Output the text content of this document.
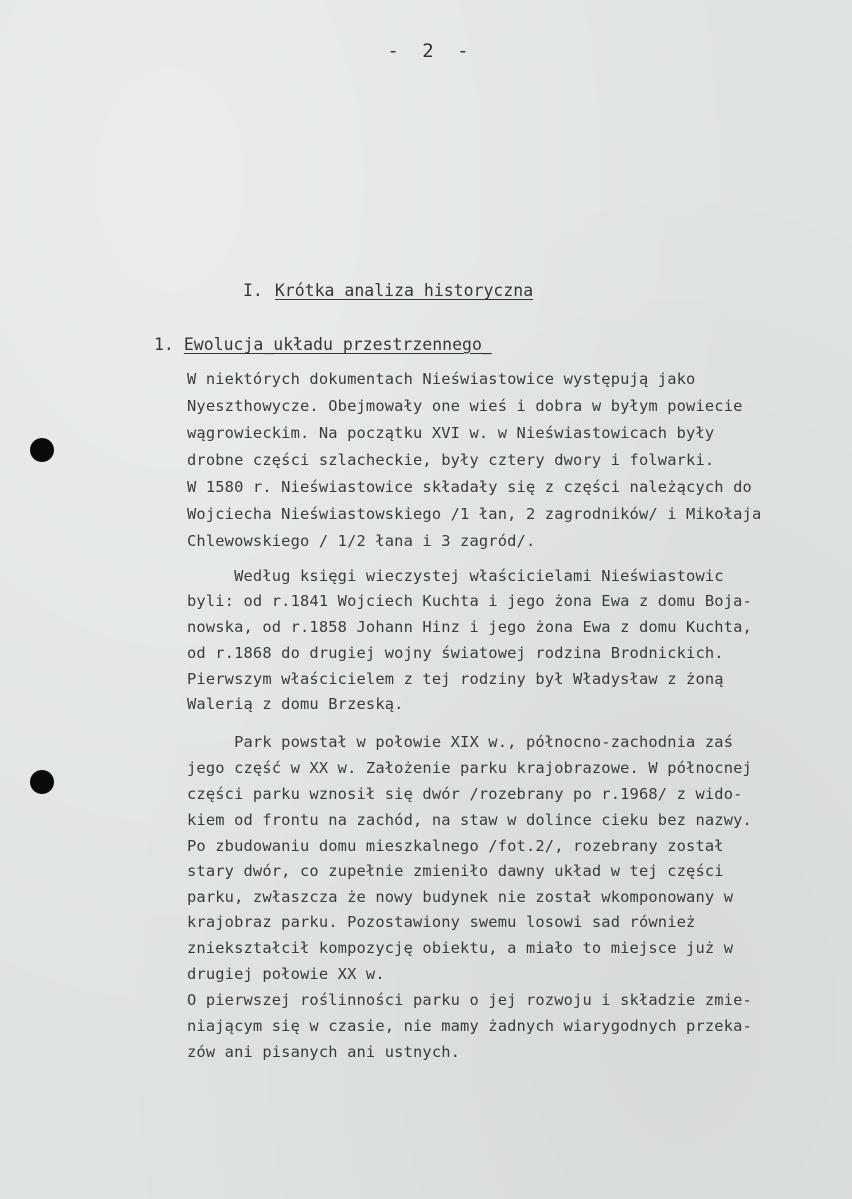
- 2 -
I. Krótka analiza historyczna
1. Ewolucja_układu przestrzennego_
W niektórych dokumentach Nieświastowice występują jako
Nyeszthowycze. Obejmowały one wieś i dobra w byłym powiecie
wągrowieckim. Na początku XVI w. w Nieświastowicach były
drobne części szlacheckie, były cztery dwory i folwarki.
W 1580 r. Nieświastowice składały się z części należących do
Wojciecha Nieświastowskiego /1 łan, 2 zagrodników/ i Mikołaja
Chlewowskiego / 1/2 łana i 3 zagród/.
Według księgi wieczystej właścicielami Nieświastowic
byli: od r.1841 Wojciech Kuchta i jego żona Ewa z domu Boja-
nowska, od r.1858 Johann Hinz i jego żona Ewa z domu Kuchta,
od r.1868 do drugiej wojny światowej rodzina Brodnickich.
Pierwszym właścicielem z tej rodziny był Władysław z żoną
Walerią z domu Brzeską.
Park powstał w połowie XIX w., północno-zachodnia zaś
jego część w XX w. Założenie parku krajobrazowe. W północnej
części parku wznosił się dwór /rozebrany po r.1968/ z wido-
kiem od frontu na zachód, na staw w dolince cieku bez nazwy.
Po zbudowaniu domu mieszkalnego /fot.2/, rozebrany został
stary dwór, co zupełnie zmieniło dawny układ w tej części
parku, zwłaszcza że nowy budynek nie został wkomponowany w
krajobraz parku. Pozostawiony swemu losowi sad również
zniekształcił kompozycję obiektu, a miało to miejsce już w
drugiej połowie XX w.
O pierwszej roślinności parku o jej rozwoju i składzie zmie-
niającym się w czasie, nie mamy żadnych wiarygodnych przeka-
zów ani pisanych ani ustnych.
